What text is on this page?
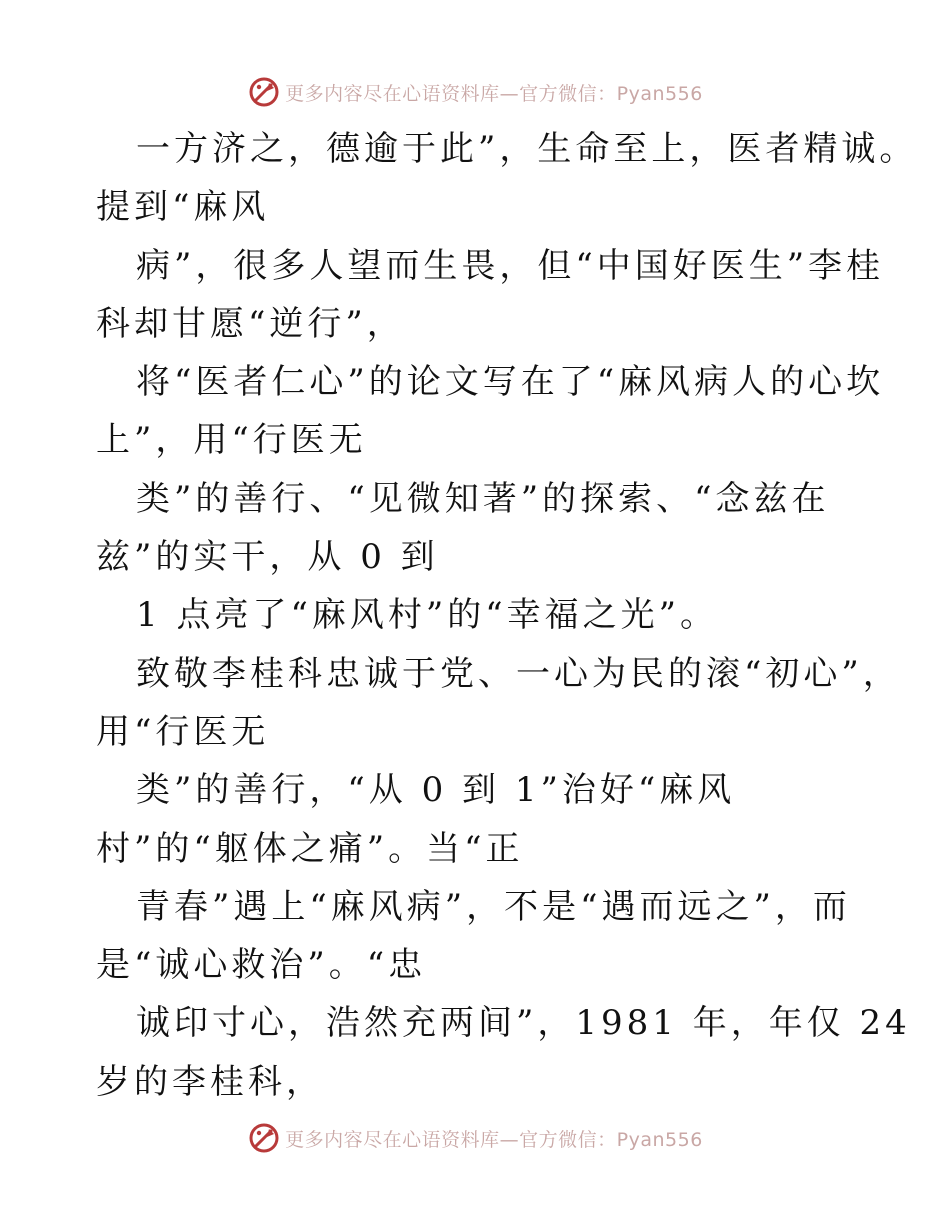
更多内容尽在心语资料库—官方微信：Pyan556
一方济之，德逾于此”，生命至上，医者精诚。
提到“麻风
病”，很多人望而生畏，但“中国好医生”李桂
科却甘愿“逆行”，
将“医者仁心”的论文写在了“麻风病人的心坎
上”，用“行医无
类”的善行、“见微知著”的探索、“念兹在
兹”的实干，从 0 到
1 点亮了“麻风村”的“幸福之光”。
致敬李桂科忠诚于党、一心为民的滚“初心”，
用“行医无
类”的善行，“从 0 到 1”治好“麻风
村”的“躯体之痛”。当“正
青春”遇上“麻风病”，不是“遇而远之”，而
是“诚心救治”。“忠
诚印寸心，浩然充两间”，1981 年，年仅 24
岁的李桂科，
更多内容尽在心语资料库—官方微信：Pyan556
